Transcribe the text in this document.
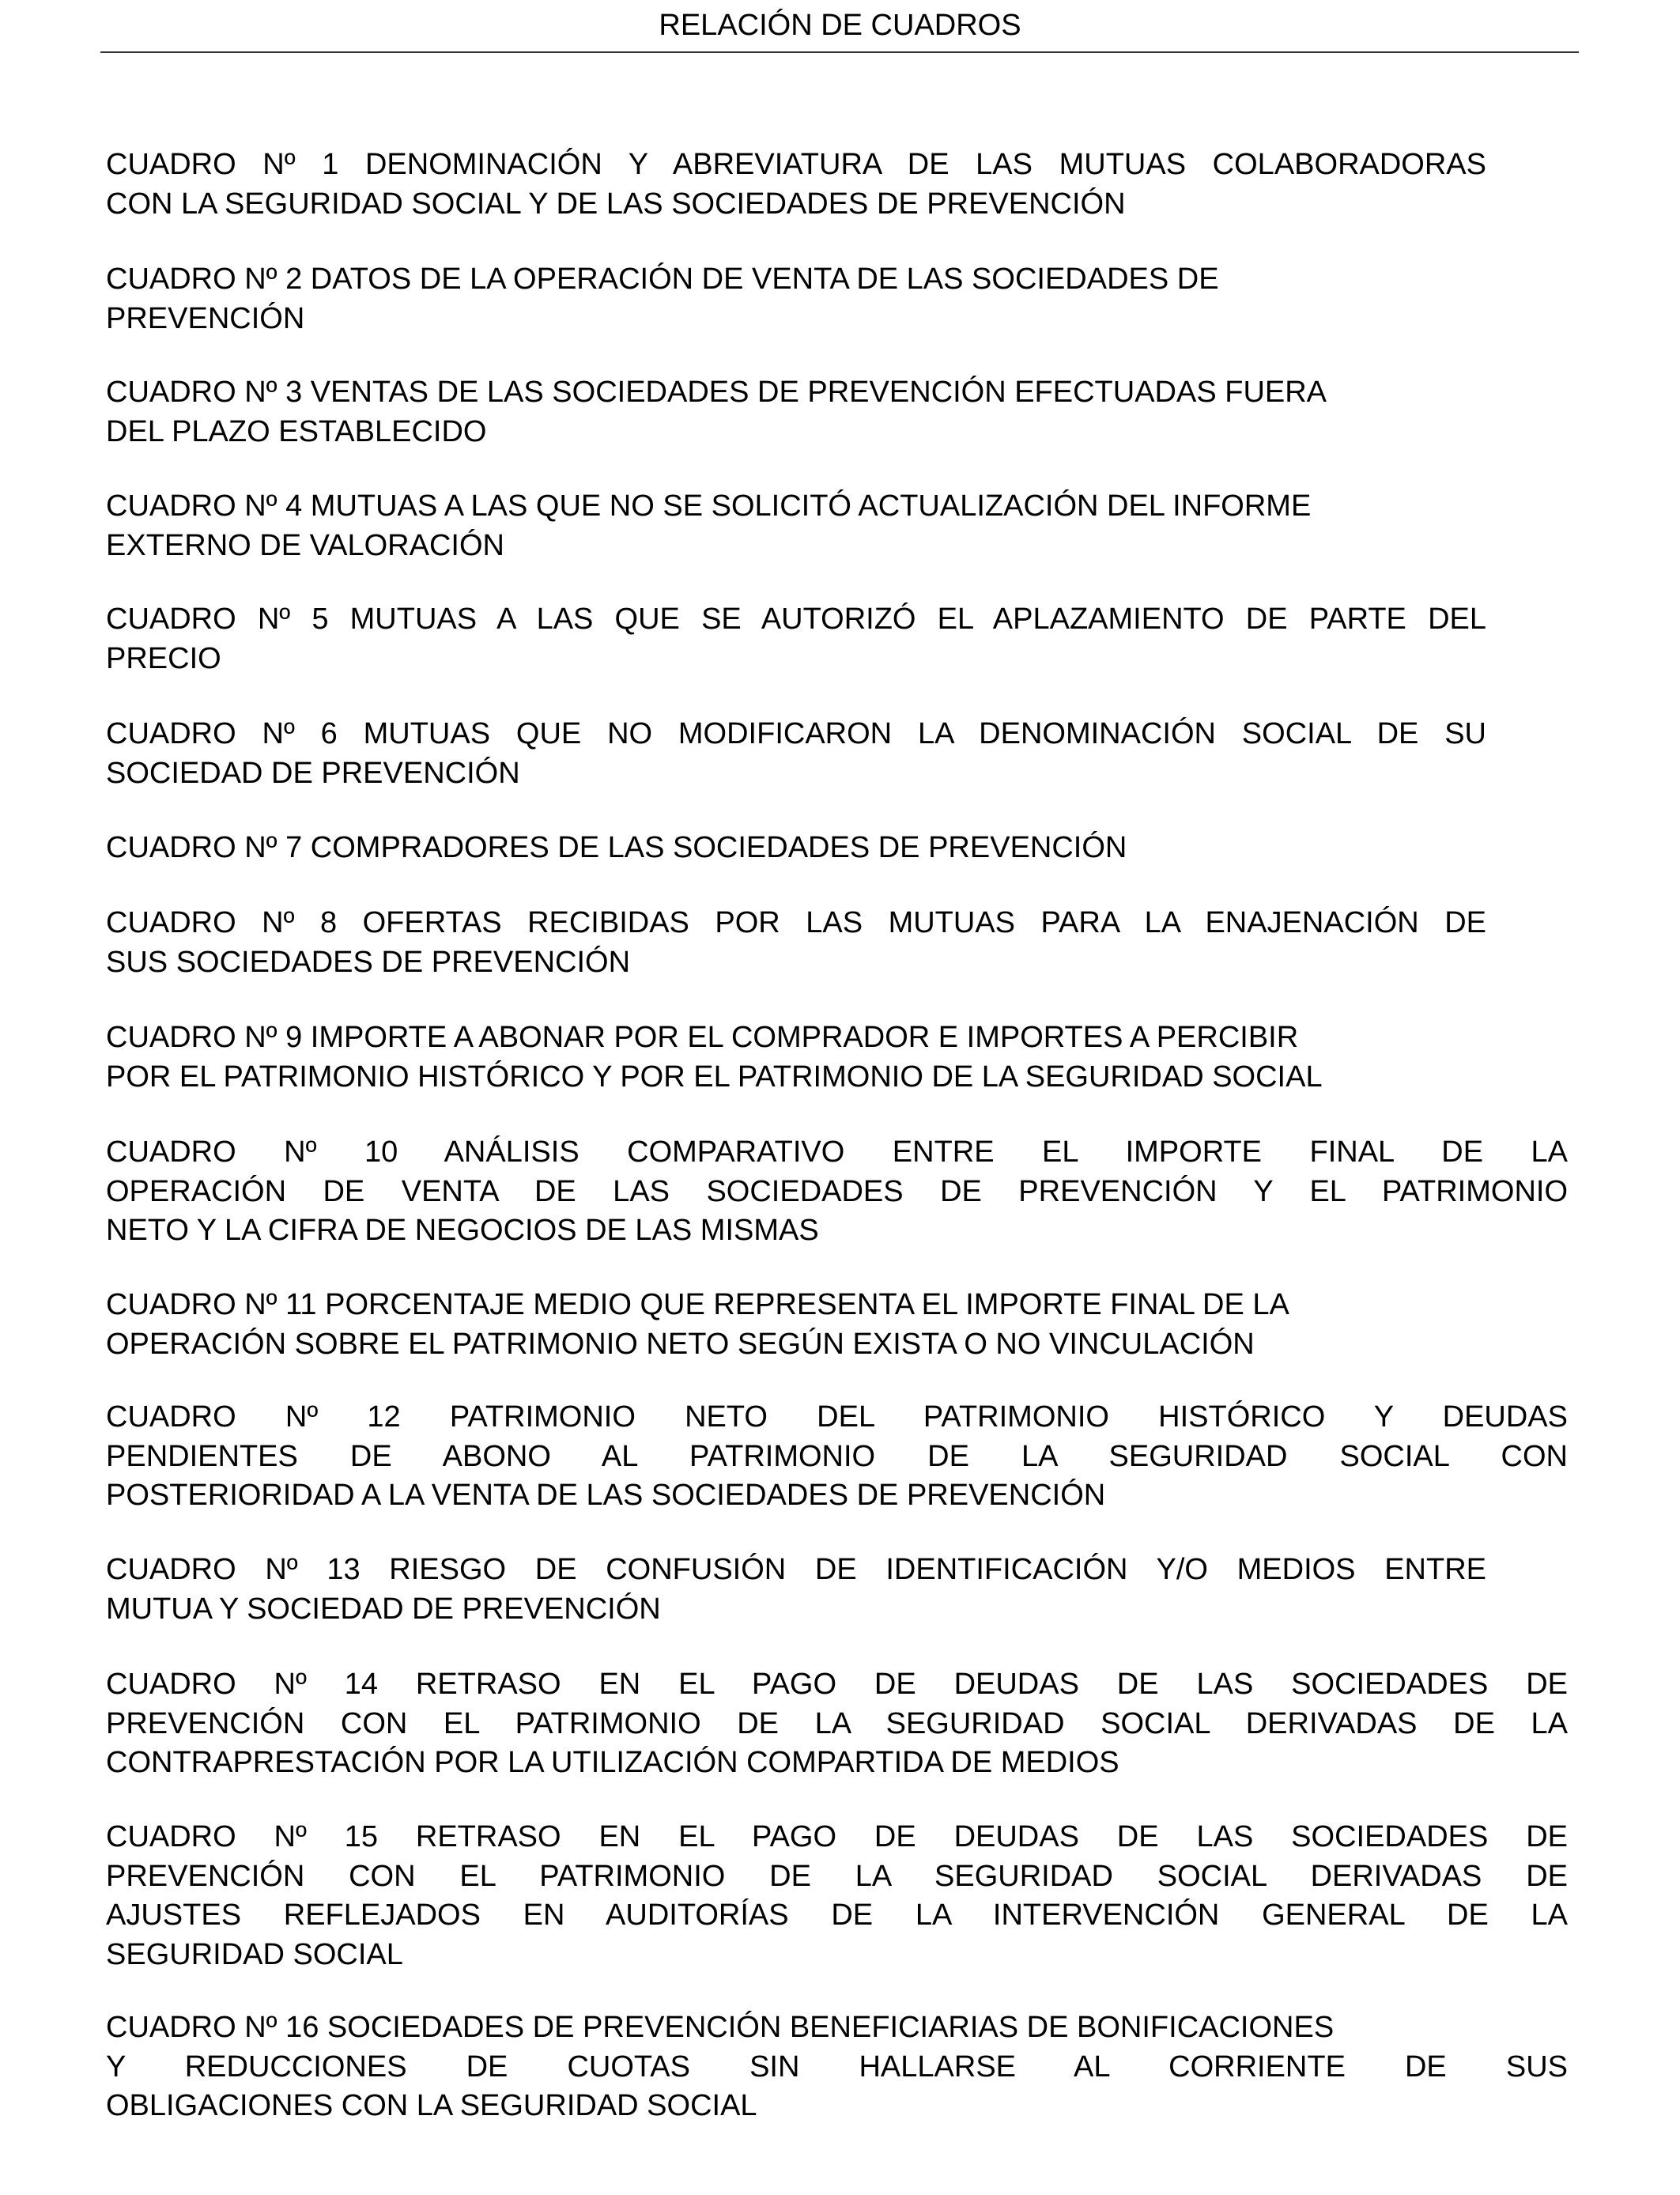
RELACIÓN DE CUADROS
CUADRO Nº 1 DENOMINACIÓN Y ABREVIATURA DE LAS MUTUAS COLABORADORAS
CON LA SEGURIDAD SOCIAL Y DE LAS SOCIEDADES DE PREVENCIÓN
CUADRO Nº 2 DATOS DE LA OPERACIÓN DE VENTA DE LAS SOCIEDADES DE
PREVENCIÓN
CUADRO Nº 3 VENTAS DE LAS SOCIEDADES DE PREVENCIÓN EFECTUADAS FUERA
DEL PLAZO ESTABLECIDO
CUADRO Nº 4 MUTUAS A LAS QUE NO SE SOLICITÓ ACTUALIZACIÓN DEL INFORME
EXTERNO DE VALORACIÓN
CUADRO Nº 5 MUTUAS A LAS QUE SE AUTORIZÓ EL APLAZAMIENTO DE PARTE DEL
PRECIO
CUADRO Nº 6 MUTUAS QUE NO MODIFICARON LA DENOMINACIÓN SOCIAL DE SU
SOCIEDAD DE PREVENCIÓN
CUADRO Nº 7 COMPRADORES DE LAS SOCIEDADES DE PREVENCIÓN
CUADRO Nº 8 OFERTAS RECIBIDAS POR LAS MUTUAS PARA LA ENAJENACIÓN DE
SUS SOCIEDADES DE PREVENCIÓN
CUADRO Nº 9 IMPORTE A ABONAR POR EL COMPRADOR E IMPORTES A PERCIBIR
POR EL PATRIMONIO HISTÓRICO Y POR EL PATRIMONIO DE LA SEGURIDAD SOCIAL
CUADRO Nº 10 ANÁLISIS COMPARATIVO ENTRE EL IMPORTE FINAL DE LA
OPERACIÓN DE VENTA DE LAS SOCIEDADES DE PREVENCIÓN Y EL PATRIMONIO
NETO Y LA CIFRA DE NEGOCIOS DE LAS MISMAS
CUADRO Nº 11 PORCENTAJE MEDIO QUE REPRESENTA EL IMPORTE FINAL DE LA
OPERACIÓN SOBRE EL PATRIMONIO NETO SEGÚN EXISTA O NO VINCULACIÓN
CUADRO Nº 12 PATRIMONIO NETO DEL PATRIMONIO HISTÓRICO Y DEUDAS
PENDIENTES DE ABONO AL PATRIMONIO DE LA SEGURIDAD SOCIAL CON
POSTERIORIDAD A LA VENTA DE LAS SOCIEDADES DE PREVENCIÓN
CUADRO Nº 13 RIESGO DE CONFUSIÓN DE IDENTIFICACIÓN Y/O MEDIOS ENTRE
MUTUA Y SOCIEDAD DE PREVENCIÓN
CUADRO Nº 14 RETRASO EN EL PAGO DE DEUDAS DE LAS SOCIEDADES DE
PREVENCIÓN CON EL PATRIMONIO DE LA SEGURIDAD SOCIAL DERIVADAS DE LA
CONTRAPRESTACIÓN POR LA UTILIZACIÓN COMPARTIDA DE MEDIOS
CUADRO Nº 15 RETRASO EN EL PAGO DE DEUDAS DE LAS SOCIEDADES DE
PREVENCIÓN CON EL PATRIMONIO DE LA SEGURIDAD SOCIAL DERIVADAS DE
AJUSTES REFLEJADOS EN AUDITORÍAS DE LA INTERVENCIÓN GENERAL DE LA
SEGURIDAD SOCIAL
CUADRO Nº 16 SOCIEDADES DE PREVENCIÓN BENEFICIARIAS DE BONIFICACIONES
Y REDUCCIONES DE CUOTAS SIN HALLARSE AL CORRIENTE DE SUS
OBLIGACIONES CON LA SEGURIDAD SOCIAL
